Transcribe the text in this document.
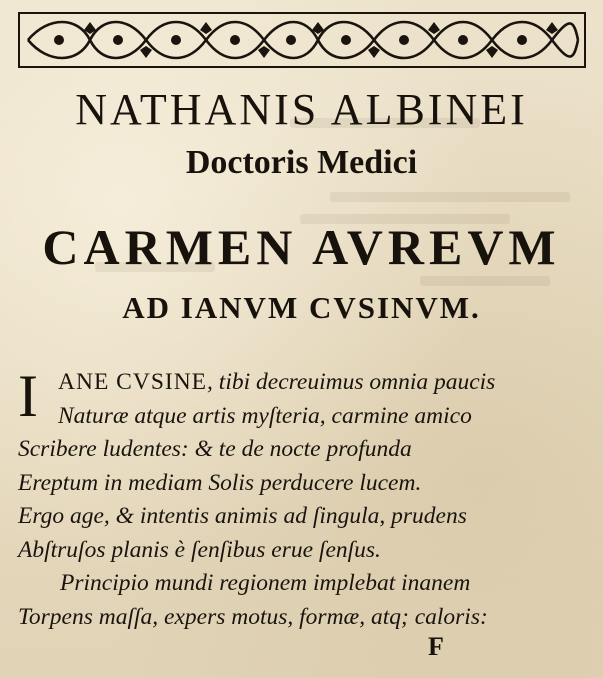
NATHANIS ALBINEI
Doctoris Medici
CARMEN AVREVM
AD IANVM CVSINVM.
I ANE CVSINE, tibi decreuimus omnia paucis
Naturæ atque artis myſteria, carmine amico
Scribere ludentes: & te de nocte profunda
Ereptum in mediam Solis perducere lucem.
Ergo age, & intentis animis ad ſingula, prudens
Abſtruſos planis è ſenſibus erue ſenſus.
Principio mundi regionem implebat inanem
Torpens maſſa, expers motus, formæ, atq; caloris:
F
